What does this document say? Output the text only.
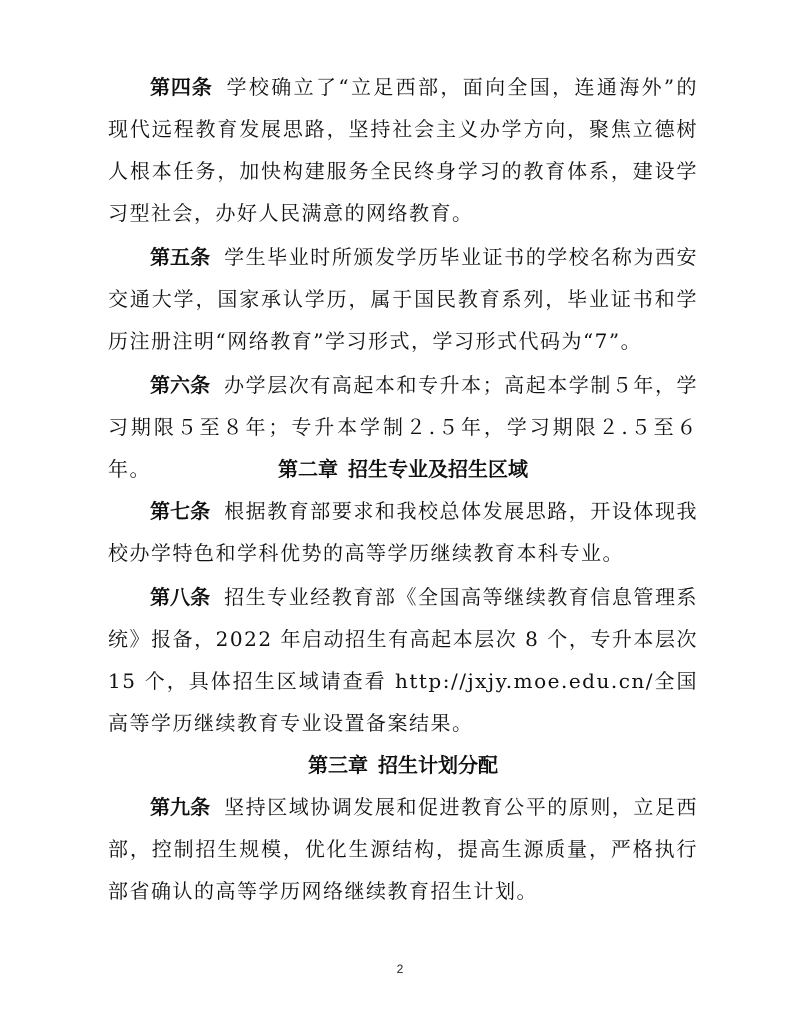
第四条 学校确立了“立足西部，面向全国，连通海外”的现代远程教育发展思路，坚持社会主义办学方向，聚焦立德树人根本任务，加快构建服务全民终身学习的教育体系，建设学习型社会，办好人民满意的网络教育。

第五条 学生毕业时所颁发学历毕业证书的学校名称为西安交通大学，国家承认学历，属于国民教育系列，毕业证书和学历注册注明“网络教育”学习形式，学习形式代码为“7”。

第六条 办学层次有高起本和专升本；高起本学制５年，学习期限５至８年；专升本学制２.５年，学习期限２.５至６年。	第二章 招生专业及招生区域

第七条 根据教育部要求和我校总体发展思路，开设体现我校办学特色和学科优势的高等学历继续教育本科专业。

第八条 招生专业经教育部《全国高等继续教育信息管理系统》报备，2022 年启动招生有高起本层次 8 个，专升本层次 15 个，具体招生区域请查看 http://jxjy.moe.edu.cn/全国高等学历继续教育专业设置备案结果。

第三章 招生计划分配

第九条 坚持区域协调发展和促进教育公平的原则，立足西部，控制招生规模，优化生源结构，提高生源质量，严格执行部省确认的高等学历网络继续教育招生计划。

2
